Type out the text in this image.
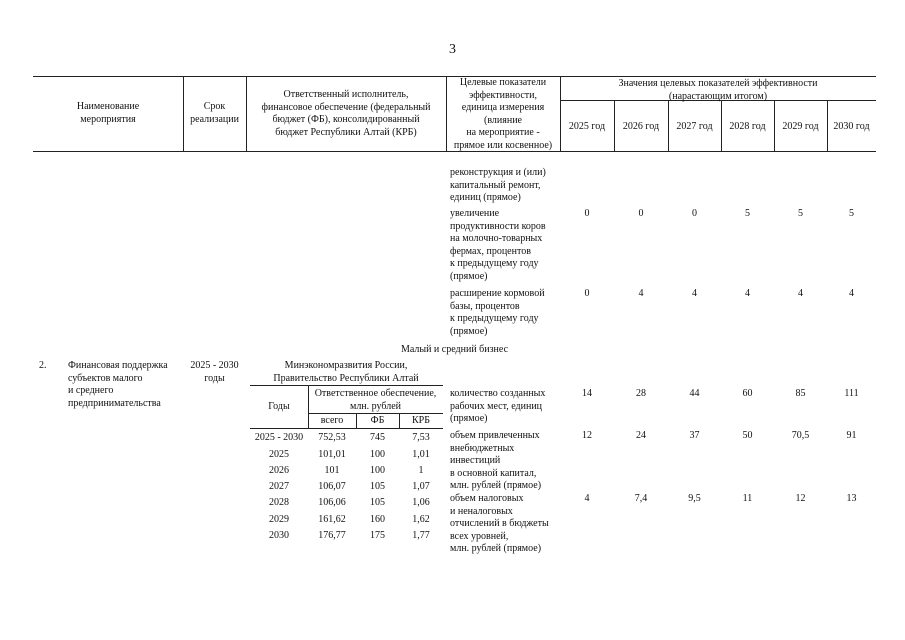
3
Наименование
мероприятия
Срок
реализации
Ответственный исполнитель,
финансовое обеспечение (федеральный
бюджет (ФБ), консолидированный
бюджет Республики Алтай (КРБ)
Целевые показатели
эффективности,
единица измерения
(влияние
на мероприятие -
прямое или косвенное)
Значения целевых показателей эффективности
(нарастающим итогом)
2025 год	2026 год	2027 год	2028 год	2029 год	2030 год
реконструкция и (или)
капитальный ремонт,
единиц (прямое)
увеличение
продуктивности коров
на молочно-товарных
фермах, процентов
к предыдущему году
(прямое)
0	0	0	5	5	5
расширение кормовой
базы, процентов
к предыдущему году
(прямое)
0	4	4	4	4	4
Малый и средний бизнес
2.	Финансовая поддержка
субъектов малого
и среднего
предпринимательства
2025 - 2030
годы
Минэкономразвития России,
Правительство Республики Алтай
Годы
Ответственное обеспечение,
млн. рублей
всего	ФБ	КРБ
2025 - 2030	752,53	745	7,53
2025	101,01	100	1,01
2026	101	100	1
2027	106,07	105	1,07
2028	106,06	105	1,06
2029	161,62	160	1,62
2030	176,77	175	1,77
количество созданных
рабочих мест, единиц
(прямое)
14	28	44	60	85	111
объем привлеченных
внебюджетных
инвестиций
в основной капитал,
млн. рублей (прямое)
12	24	37	50	70,5	91
объем налоговых
и неналоговых
отчислений в бюджеты
всех уровней,
млн. рублей (прямое)
4	7,4	9,5	11	12	13
